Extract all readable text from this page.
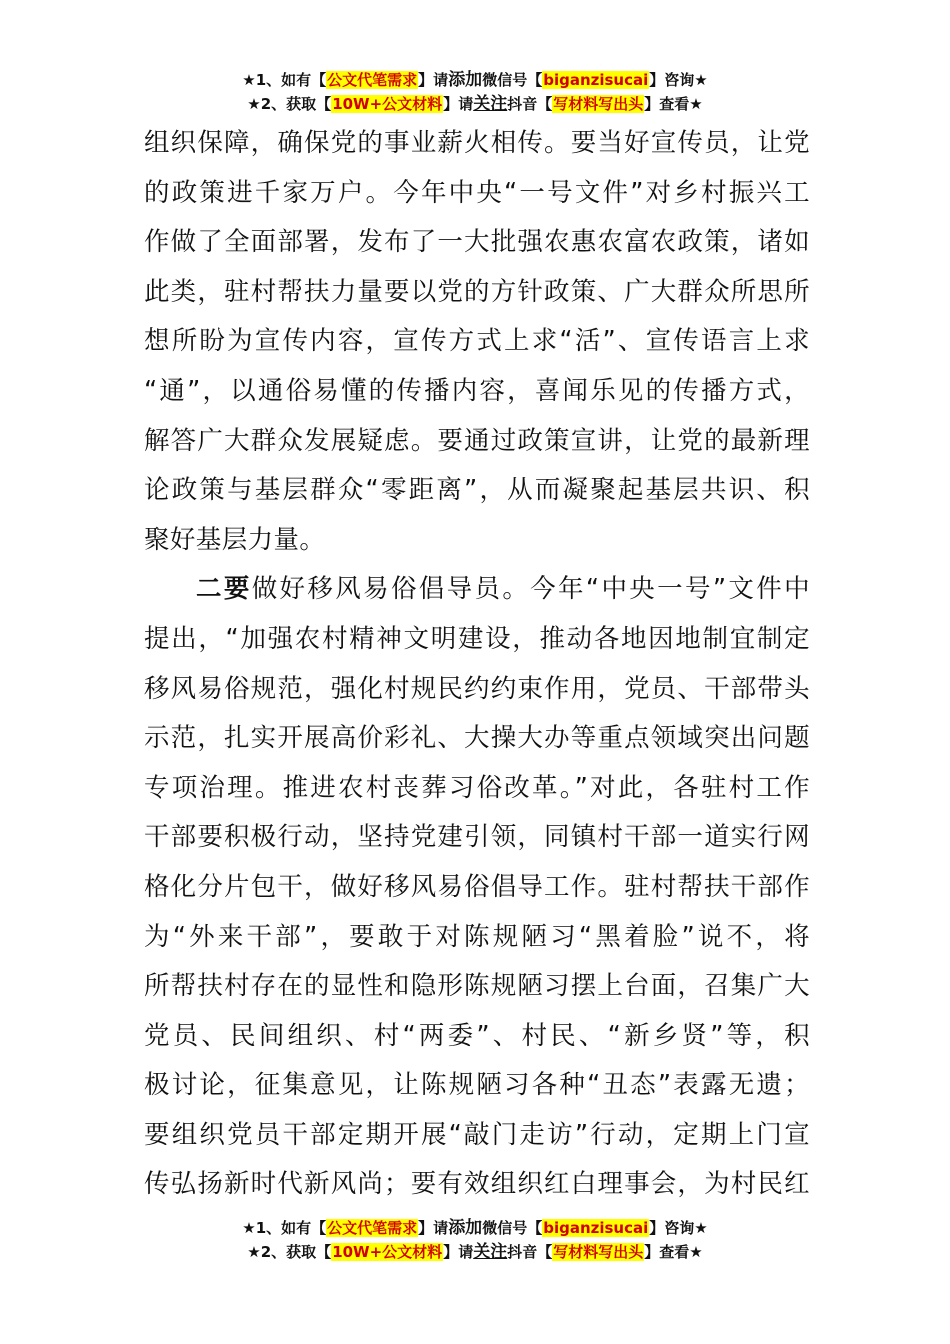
★1、如有【公文代笔需求】请添加微信号【biganzisucai】咨询★
★2、获取【10W+公文材料】请关注抖音【写材料写出头】查看★
组织保障，确保党的事业薪火相传。要当好宣传员，让党
的政策进千家万户。今年中央“一号文件”对乡村振兴工
作做了全面部署，发布了一大批强农惠农富农政策，诸如
此类，驻村帮扶力量要以党的方针政策、广大群众所思所
想所盼为宣传内容，宣传方式上求“活”、宣传语言上求
“通”，以通俗易懂的传播内容，喜闻乐见的传播方式，
解答广大群众发展疑虑。要通过政策宣讲，让党的最新理
论政策与基层群众“零距离”，从而凝聚起基层共识、积
聚好基层力量。
二要做好移风易俗倡导员。今年“中央一号”文件中
提出，“加强农村精神文明建设，推动各地因地制宜制定
移风易俗规范，强化村规民约约束作用，党员、干部带头
示范，扎实开展高价彩礼、大操大办等重点领域突出问题
专项治理。推进农村丧葬习俗改革。”对此，各驻村工作
干部要积极行动，坚持党建引领，同镇村干部一道实行网
格化分片包干，做好移风易俗倡导工作。驻村帮扶干部作
为“外来干部”，要敢于对陈规陋习“黑着脸”说不，将
所帮扶村存在的显性和隐形陈规陋习摆上台面，召集广大
党员、民间组织、村“两委”、村民、“新乡贤”等，积
极讨论，征集意见，让陈规陋习各种“丑态”表露无遗；
要组织党员干部定期开展“敲门走访”行动，定期上门宣
传弘扬新时代新风尚；要有效组织红白理事会，为村民红
★1、如有【公文代笔需求】请添加微信号【biganzisucai】咨询★
★2、获取【10W+公文材料】请关注抖音【写材料写出头】查看★
